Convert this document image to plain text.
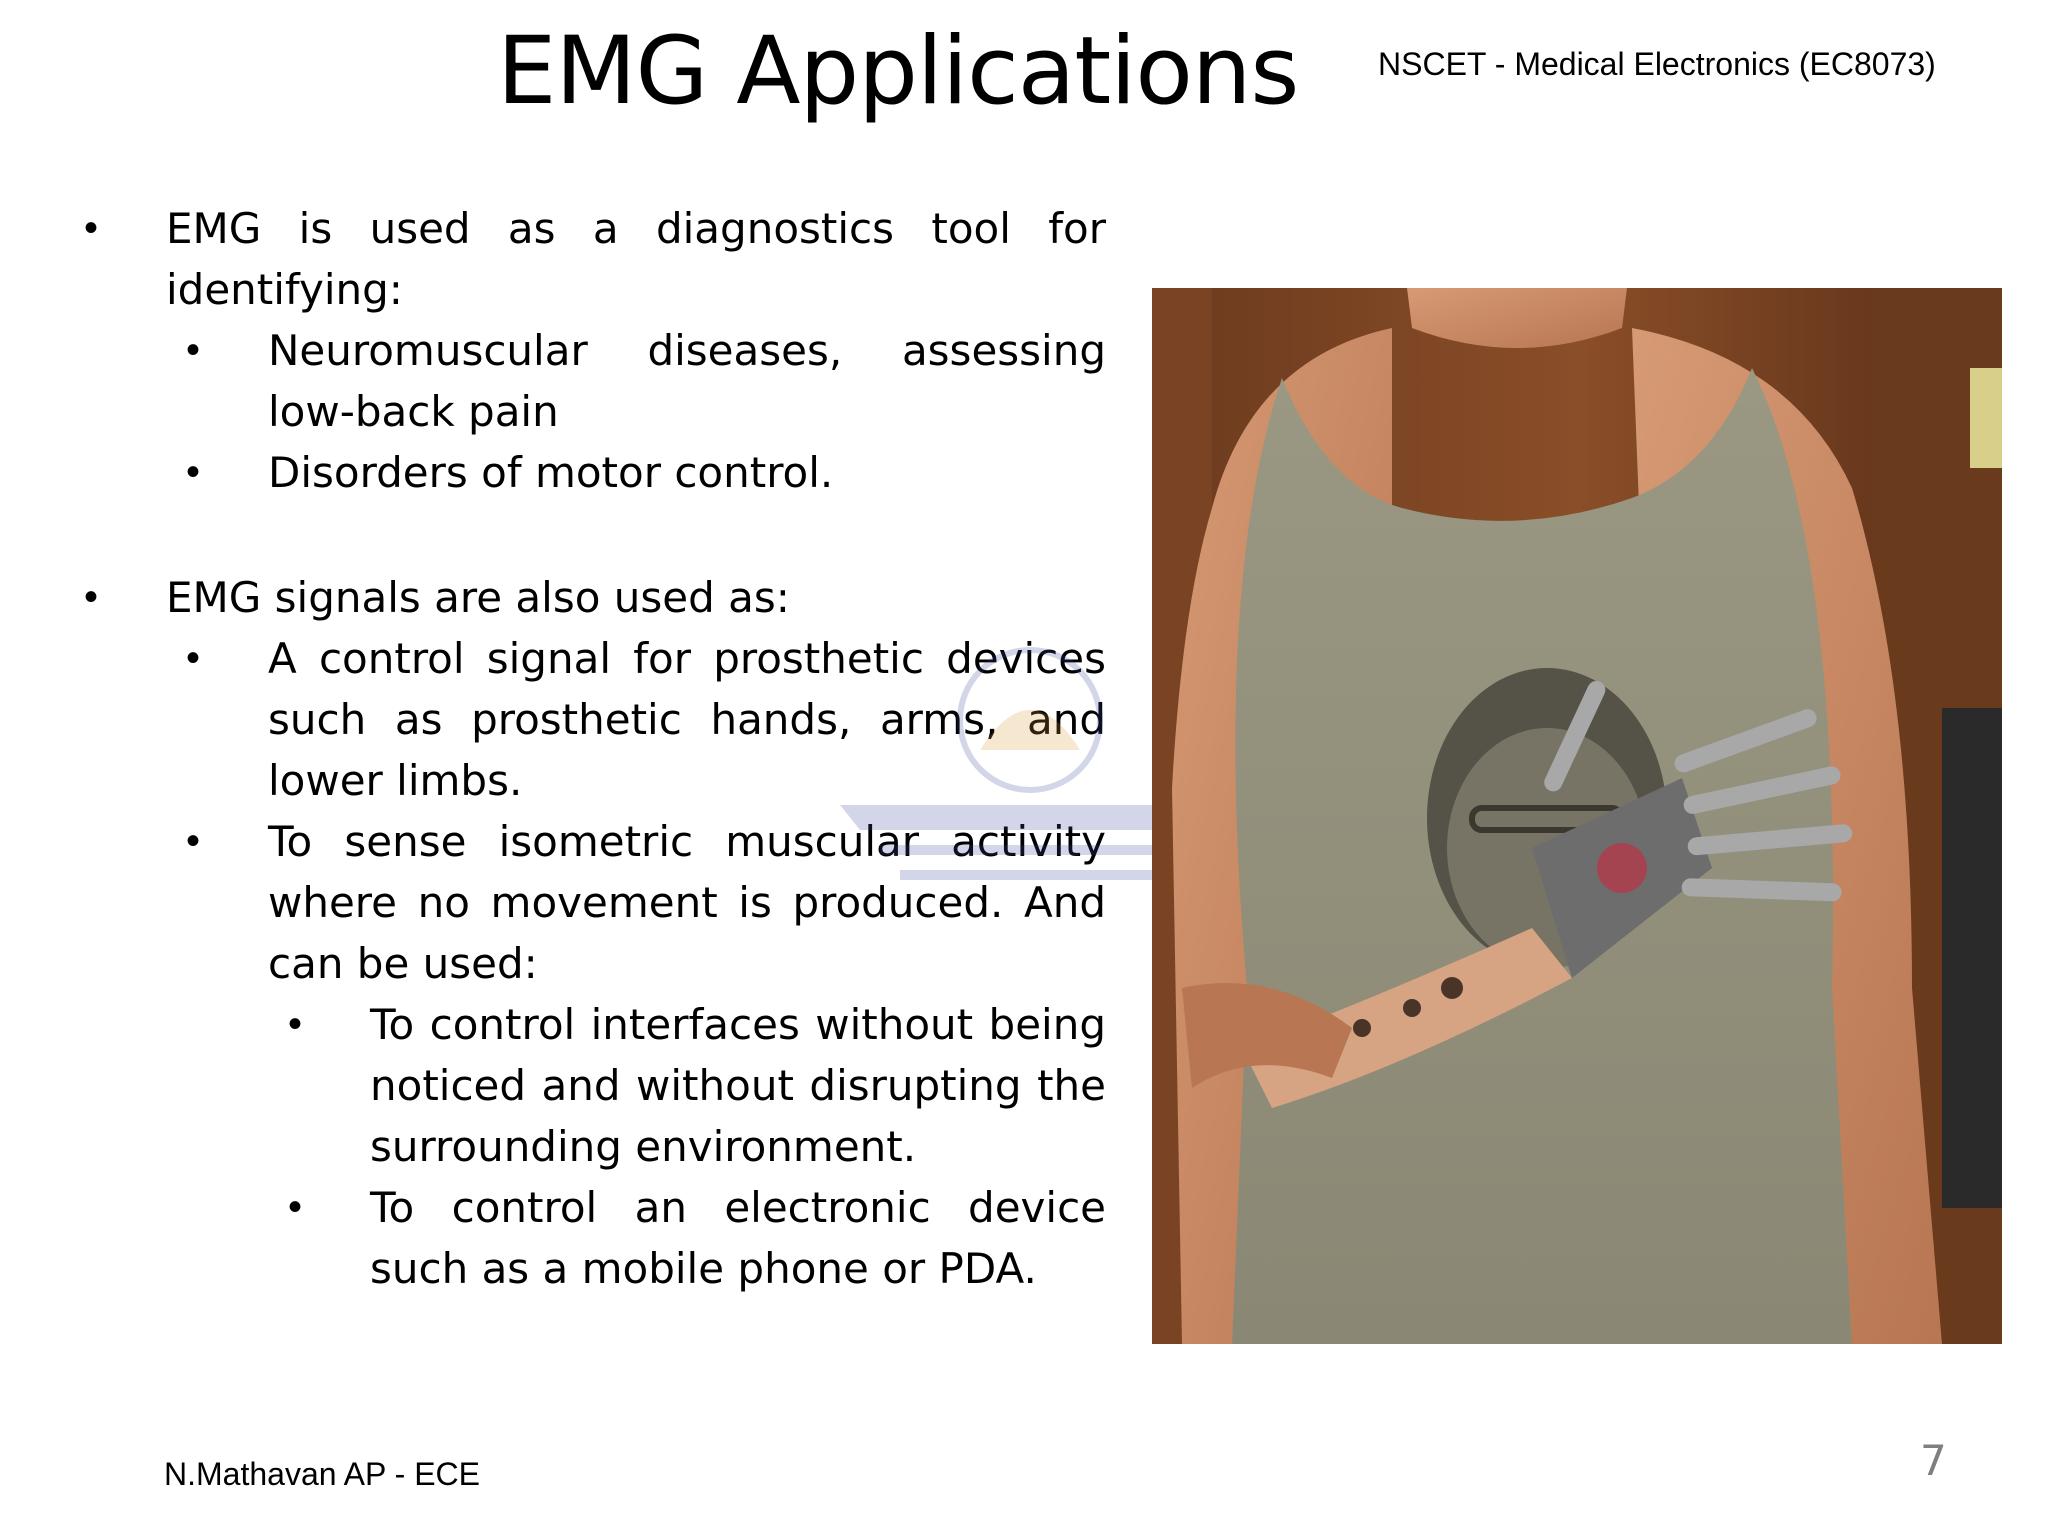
EMG Applications NSCET - Medical Electronics (EC8073)
•	EMG is used as a diagnostics tool for identifying:
•	Neuromuscular diseases, assessing low-back pain
•	Disorders of motor control.
•	EMG signals are also used as:
•	A control signal for prosthetic devices such as prosthetic hands, arms, and lower limbs.
•	To sense isometric muscular activity where no movement is produced. And can be used:
•	To control interfaces without being noticed and without disrupting the surrounding environment.
•	To control an electronic device such as a mobile phone or PDA.
N.Mathavan AP - ECE	7
